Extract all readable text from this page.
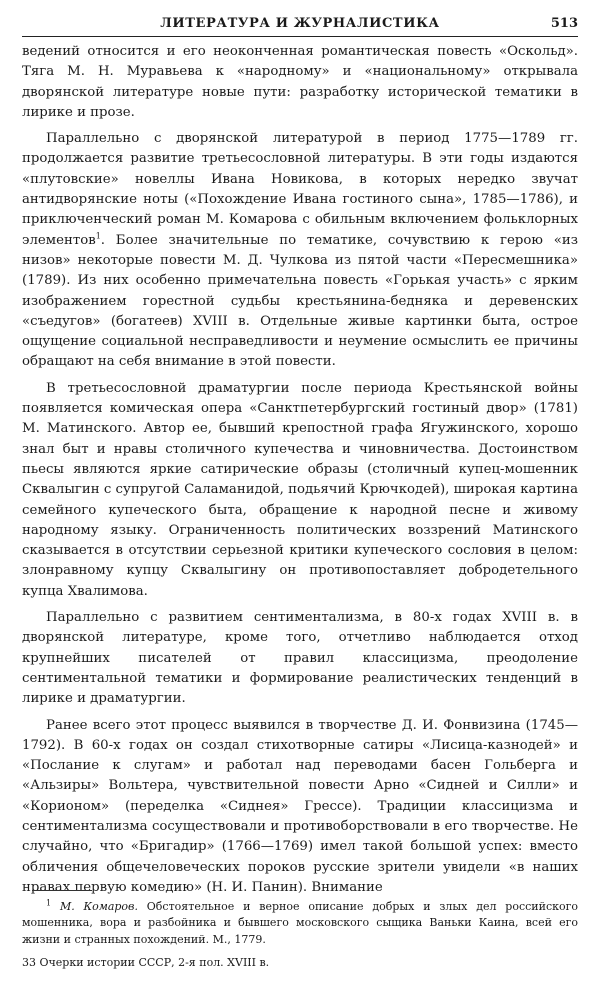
ЛИТЕРАТУРА И ЖУРНАЛИСТИКА	513

ведений относится и его неоконченная романтическая повесть «Оскольд». Тяга М. Н. Муравьева к «народному» и «национальному» открывала дворянской литературе новые пути: разработку исторической тематики в лирике и прозе.

Параллельно с дворянской литературой в период 1775—1789 гг. продолжается развитие третьесословной литературы. В эти годы издаются «плутовские» новеллы Ивана Новикова, в которых нередко звучат антидворянские ноты («Похождение Ивана гостиного сына», 1785—1786), и приключенческий роман М. Комарова с обильным включением фольклорных элементов$^1$. Более значительные по тематике, сочувствию к герою «из низов» некоторые повести М. Д. Чулкова из пятой части «Пересмешника» (1789). Из них особенно примечательна повесть «Горькая участь» с ярким изображением горестной судьбы крестьянина-бедняка и деревенских «съедугов» (богатеев) XVIII в. Отдельные живые картинки быта, острое ощущение социальной несправедливости и неумение осмыслить ее причины обращают на себя внимание в этой повести.

В третьесословной драматургии после периода Крестьянской войны появляется комическая опера «Санктпетербургский гостиный двор» (1781) М. Матинского. Автор ее, бывший крепостной графа Ягужинского, хорошо знал быт и нравы столичного купечества и чиновничества. Достоинством пьесы являются яркие сатирические образы (столичный купец-мошенник Сквалыгин с супругой Саламанидой, подьячий Крючкодей), широкая картина семейного купеческого быта, обращение к народной песне и живому народному языку. Ограниченность политических воззрений Матинского сказывается в отсутствии серьезной критики купеческого сословия в целом: злонравному купцу Сквалыгину он противопоставляет добродетельного купца Хвалимова.

Параллельно с развитием сентиментализма, в 80-х годах XVIII в. в дворянской литературе, кроме того, отчетливо наблюдается отход крупнейших писателей от правил классицизма, преодоление сентиментальной тематики и формирование реалистических тенденций в лирике и драматургии.

Ранее всего этот процесс выявился в творчестве Д. И. Фонвизина (1745—1792). В 60-х годах он создал стихотворные сатиры «Лисица-казнодей» и «Послание к слугам» и работал над переводами басен Гольберга и «Альзиры» Вольтера, чувствительной повести Арно «Сидней и Силли» и «Корионом» (переделка «Сиднея» Грессе). Традиции классицизма и сентиментализма сосуществовали и противоборствовали в его творчестве. Не случайно, что «Бригадир» (1766—1769) имел такой большой успех: вместо обличения общечеловеческих пороков русские зрители увидели «в наших нравах первую комедию» (Н. И. Панин). Внимание

$^1$ М. Комаров. Обстоятельное и верное описание добрых и злых дел российского мошенника, вора и разбойника и бывшего московского сыщика Ваньки Каина, всей его жизни и странных похождений. М., 1779.

33 Очерки истории СССР, 2-я пол. XVIII в.
